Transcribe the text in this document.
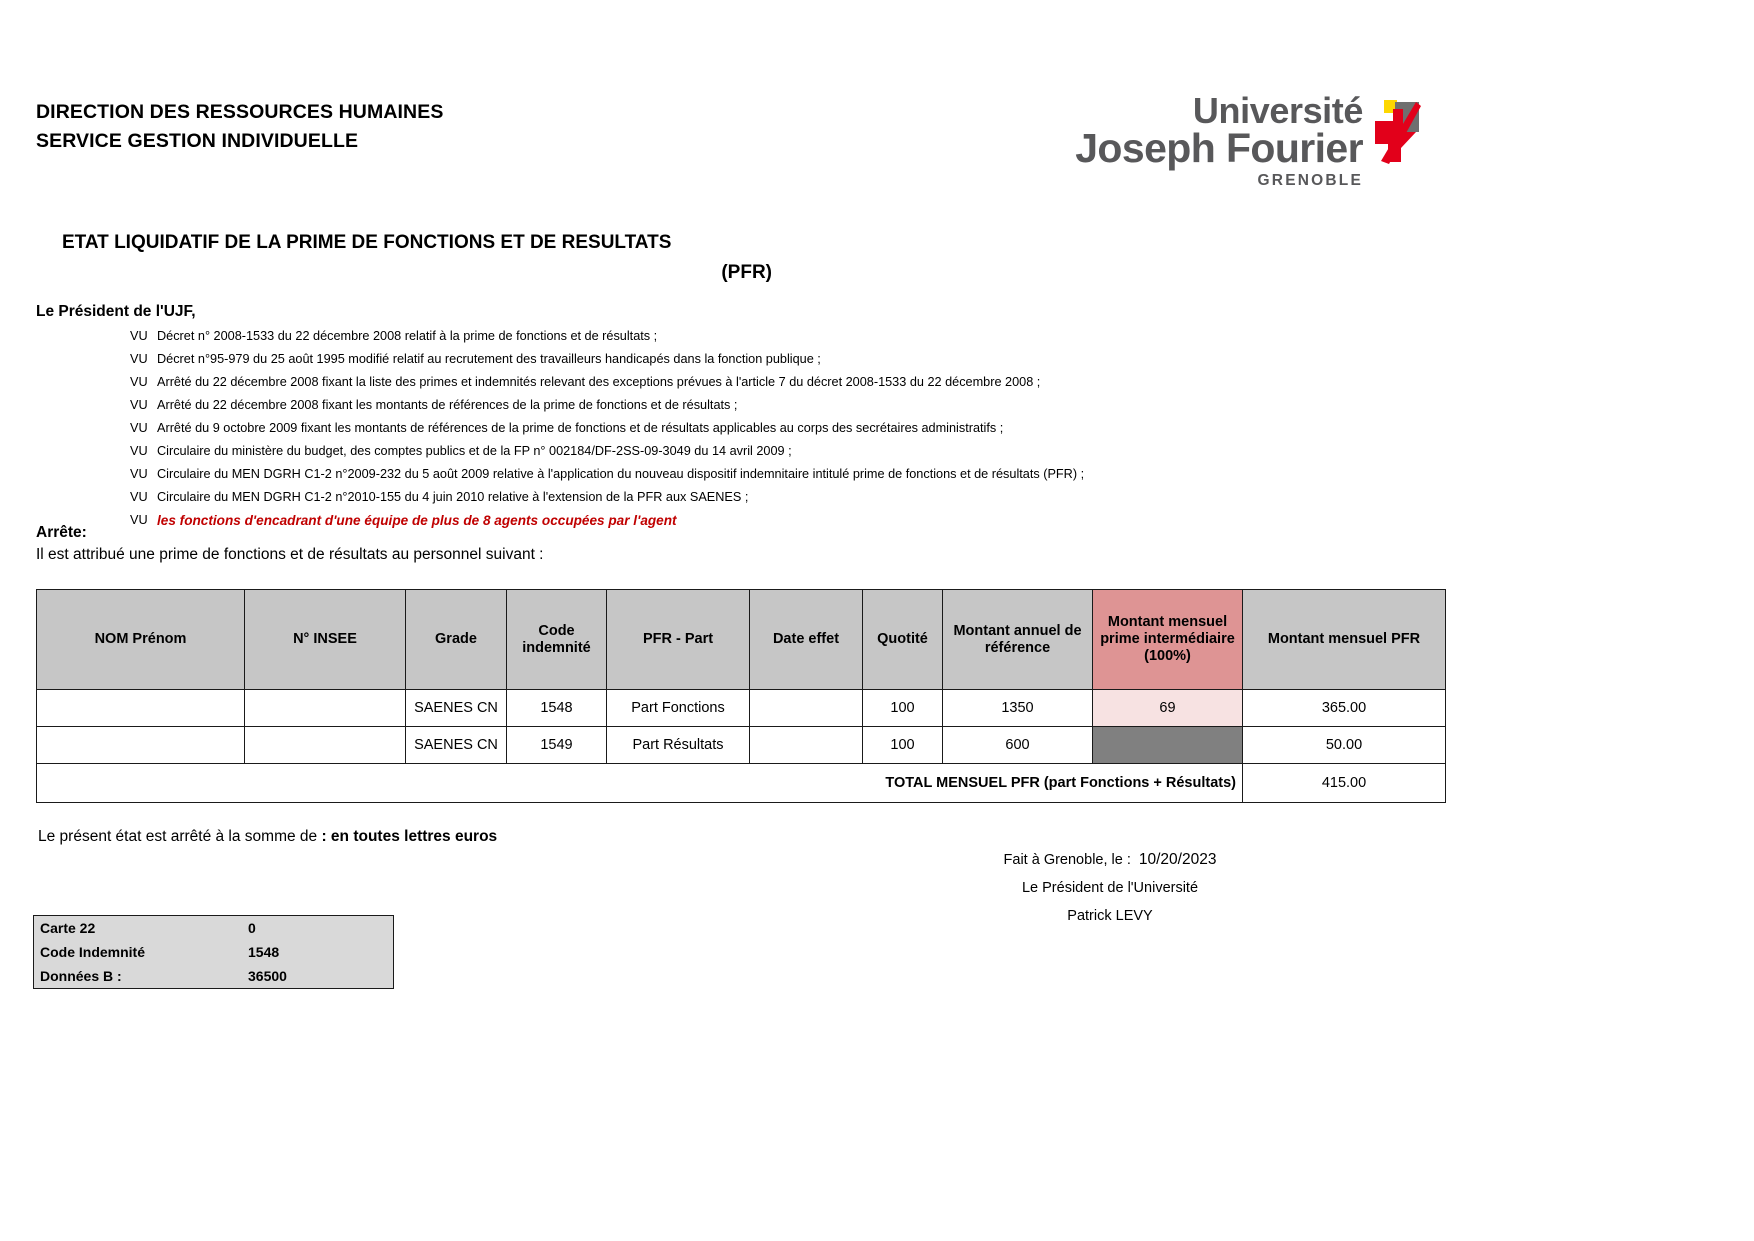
DIRECTION DES RESSOURCES HUMAINES
SERVICE GESTION INDIVIDUELLE
Université
Joseph Fourier
GRENOBLE
ETAT LIQUIDATIF DE LA PRIME DE FONCTIONS ET DE RESULTATS
(PFR)
Le Président de l'UJF,
VU Décret n° 2008-1533 du 22 décembre 2008 relatif à la prime de fonctions et de résultats ;
VU Décret n°95-979 du 25 août 1995 modifié relatif au recrutement des travailleurs handicapés dans la fonction publique ;
VU Arrêté du 22 décembre 2008 fixant la liste des primes et indemnités relevant des exceptions prévues à l'article 7 du décret 2008-1533 du 22 décembre 2008 ;
VU Arrêté du 22 décembre 2008 fixant les montants de références de la prime de fonctions et de résultats ;
VU Arrêté du 9 octobre 2009 fixant les montants de références de la prime de fonctions et de résultats applicables au corps des secrétaires administratifs ;
VU Circulaire du ministère du budget, des comptes publics et de la FP n° 002184/DF-2SS-09-3049 du 14 avril 2009 ;
VU Circulaire du MEN DGRH C1-2 n°2009-232 du 5 août 2009 relative à l'application du nouveau dispositif indemnitaire intitulé prime de fonctions et de résultats (PFR) ;
VU Circulaire du MEN DGRH C1-2 n°2010-155 du 4 juin 2010 relative à l'extension de la PFR aux SAENES ;
VU les fonctions d'encadrant d'une équipe de plus de 8 agents occupées par l'agent
Arrête:
Il est attribué une prime de fonctions et de résultats au personnel suivant :
NOM Prénom	N° INSEE	Grade	Code indemnité	PFR - Part	Date effet	Quotité	Montant annuel de référence	Montant mensuel prime intermédiaire (100%)	Montant mensuel PFR
		SAENES CN	1548	Part Fonctions		100	1350	69	365.00
		SAENES CN	1549	Part Résultats		100	600		50.00
TOTAL MENSUEL PFR (part Fonctions + Résultats)									415.00
Le présent état est arrêté à la somme de : en toutes lettres euros
Fait à Grenoble, le : 10/20/2023
Le Président de l'Université
Patrick LEVY
Carte 22	0
Code Indemnité	1548
Données B :	36500
